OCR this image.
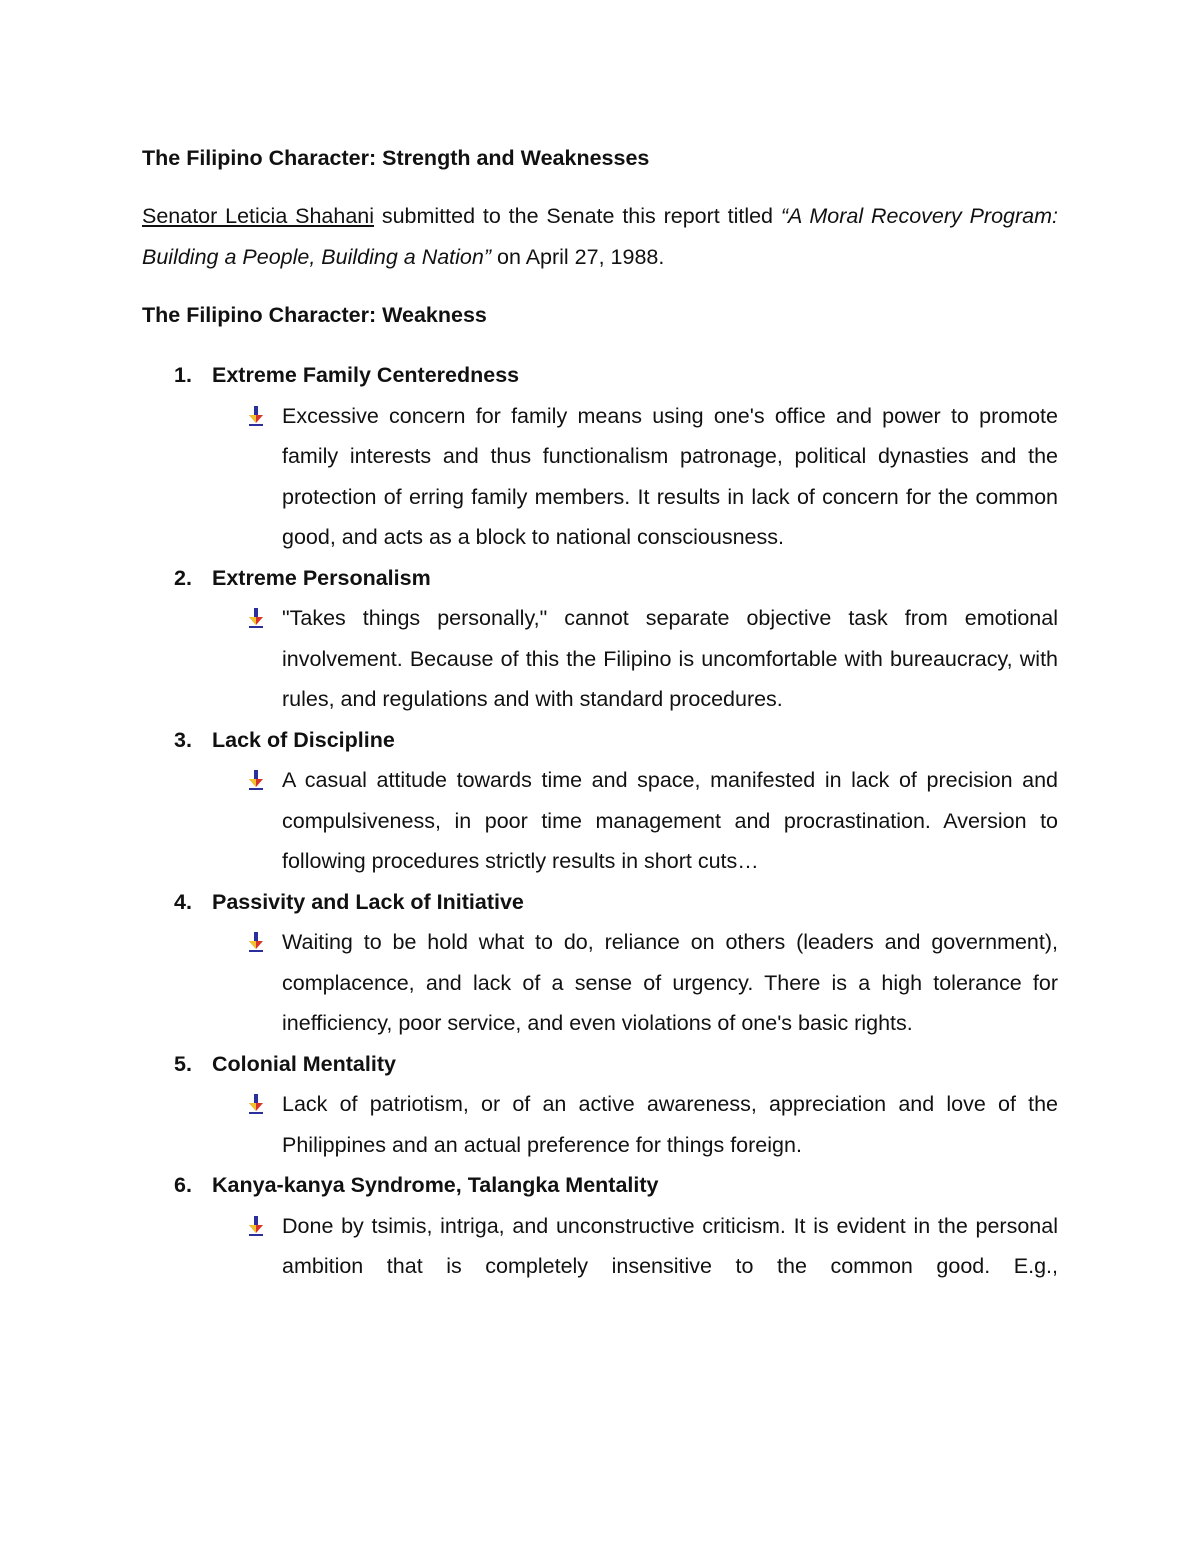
The Filipino Character: Strength and Weaknesses

Senator Leticia Shahani submitted to the Senate this report titled “A Moral Recovery Program: Building a People, Building a Nation” on April 27, 1988.

The Filipino Character: Weakness

1. Extreme Family Centeredness
Excessive concern for family means using one's office and power to promote family interests and thus functionalism patronage, political dynasties and the protection of erring family members. It results in lack of concern for the common good, and acts as a block to national consciousness.
2. Extreme Personalism
"Takes things personally," cannot separate objective task from emotional involvement. Because of this the Filipino is uncomfortable with bureaucracy, with rules, and regulations and with standard procedures.
3. Lack of Discipline
A casual attitude towards time and space, manifested in lack of precision and compulsiveness, in poor time management and procrastination. Aversion to following procedures strictly results in short cuts…
4. Passivity and Lack of Initiative
Waiting to be hold what to do, reliance on others (leaders and government), complacence, and lack of a sense of urgency. There is a high tolerance for inefficiency, poor service, and even violations of one's basic rights.
5. Colonial Mentality
Lack of patriotism, or of an active awareness, appreciation and love of the Philippines and an actual preference for things foreign.
6. Kanya-kanya Syndrome, Talangka Mentality
Done by tsimis, intriga, and unconstructive criticism. It is evident in the personal ambition that is completely insensitive to the common good. E.g.,
